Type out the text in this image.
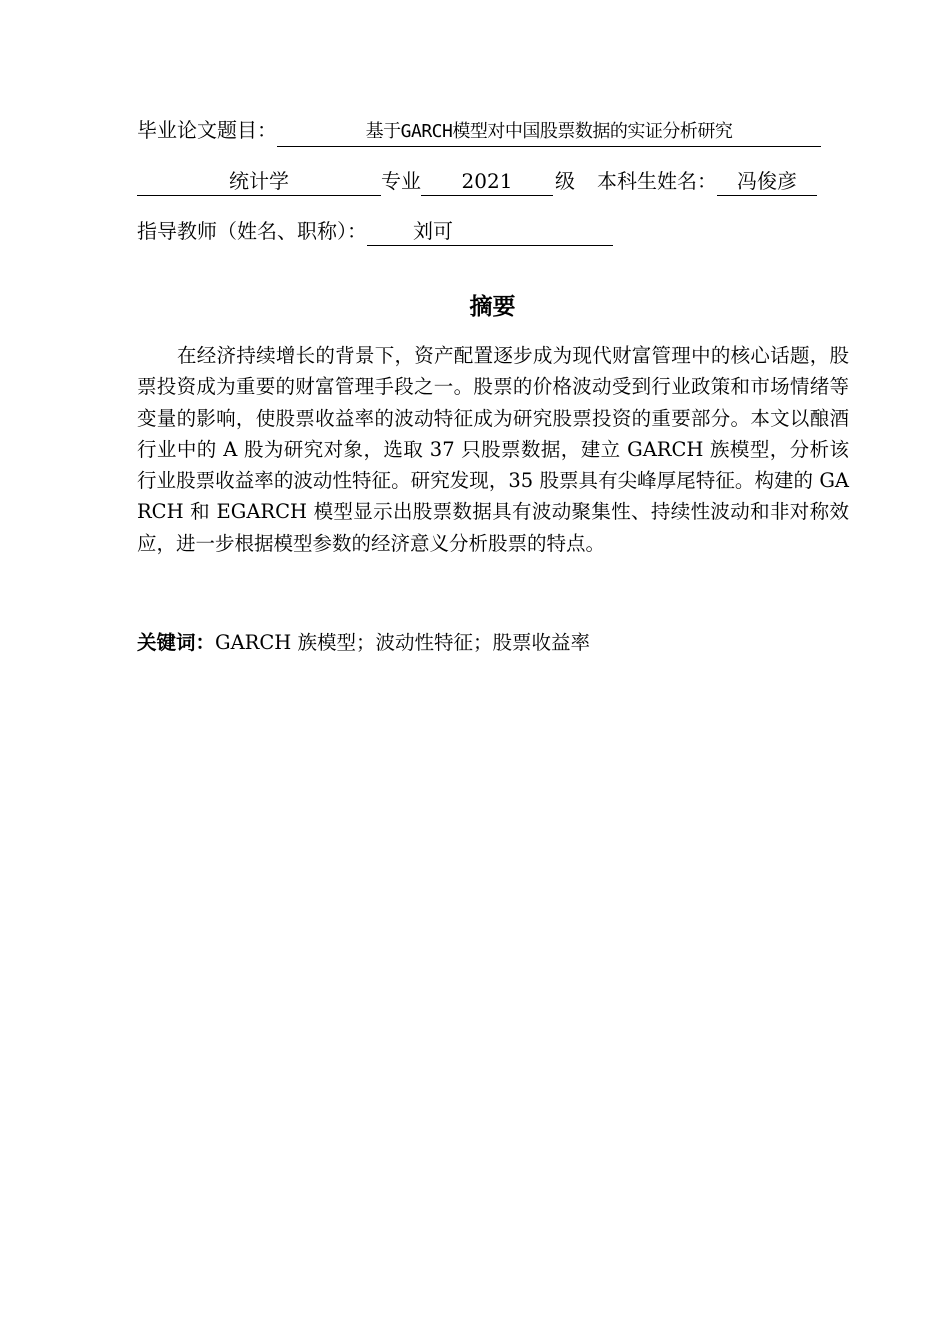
毕业论文题目：	基于GARCH模型对中国股票数据的实证分析研究
统计学	专业 2021 级 本科生姓名： 冯俊彦
指导教师（姓名、职称）： 刘可
摘要

在经济持续增长的背景下，资产配置逐步成为现代财富管理中的核心话题，股票投资成为重要的财富管理手段之一。股票的价格波动受到行业政策和市场情绪等变量的影响，使股票收益率的波动特征成为研究股票投资的重要部分。本文以酿酒行业中的 A 股为研究对象，选取 37 只股票数据，建立 GARCH 族模型，分析该行业股票收益率的波动性特征。研究发现，35 股票具有尖峰厚尾特征。构建的 GARCH 和 EGARCH 模型显示出股票数据具有波动聚集性、持续性波动和非对称效应，进一步根据模型参数的经济意义分析股票的特点。

关键词：GARCH 族模型；波动性特征；股票收益率
